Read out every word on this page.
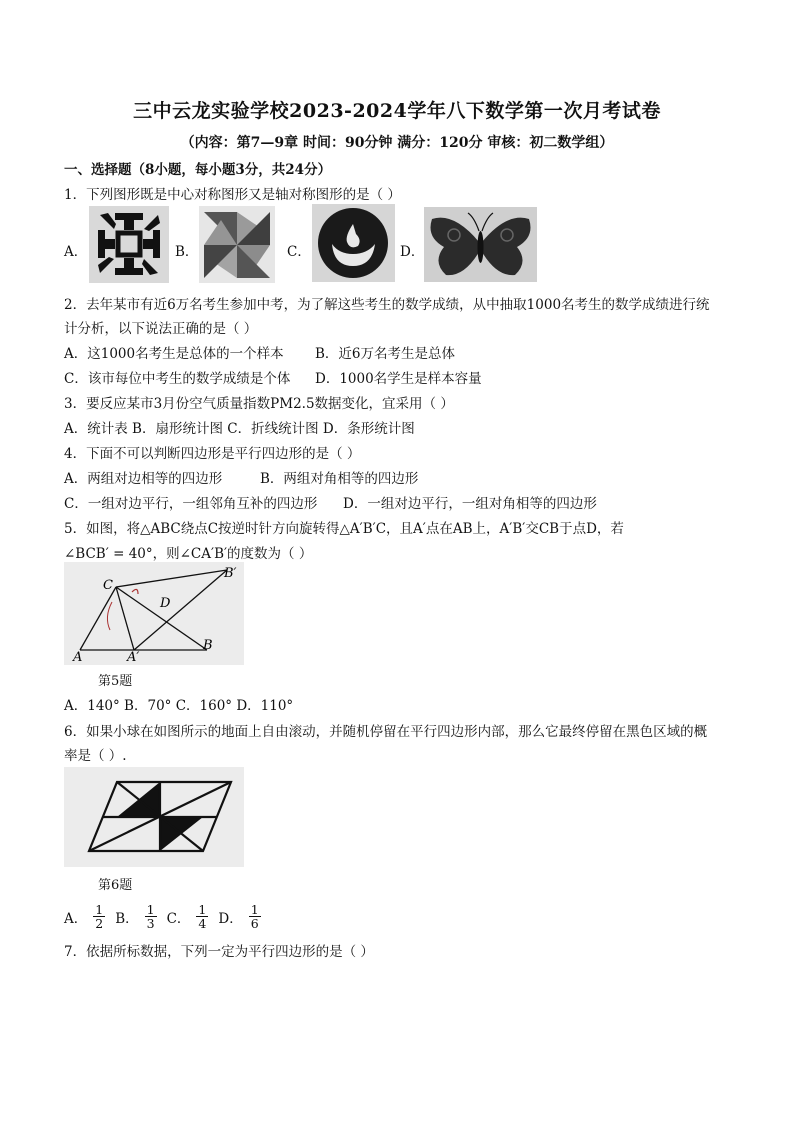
三中云龙实验学校2023-2024学年八下数学第一次月考试卷
（内容：第7—9章 时间：90分钟 满分：120分 审核：初二数学组）
一、选择题（8小题，每小题3分，共24分）
1．下列图形既是中心对称图形又是轴对称图形的是（ ）
A．	B．	C．	D．
2．去年某市有近6万名考生参加中考，为了解这些考生的数学成绩，从中抽取1000名考生的数学成绩进行统
计分析，以下说法正确的是（ ）
A．这1000名考生是总体的一个样本 B．近6万名考生是总体
C．该市每位中考生的数学成绩是个体 D．1000名学生是样本容量
3．要反应某市3月份空气质量指数PM2.5数据变化，宜采用（ ）
A．统计表 B．扇形统计图 C．折线统计图 D．条形统计图
4．下面不可以判断四边形是平行四边形的是（ ）
A．两组对边相等的四边形	B．两组对角相等的四边形
C．一组对边平行，一组邻角互补的四边形 D．一组对边平行，一组对角相等的四边形
5．如图，将△ABC绕点C按逆时针方向旋转得△A′B′C，且A′点在AB上，A′B′交CB于点D，若
∠BCB′ = 40°，则∠CA′B′的度数为（ ）
C
B′
D
A	A′
B
第5题
A．140° B．70° C．160° D．110°
6．如果小球在如图所示的地面上自由滚动，并随机停留在平行四边形内部，那么它最终停留在黑色区域的概
率是（ ）.
第6题
A． $\frac{1}{2}$ B． $\frac{1}{3}$ C． $\frac{1}{4}$ D． $\frac{1}{6}$
7．依据所标数据，下列一定为平行四边形的是（ ）
